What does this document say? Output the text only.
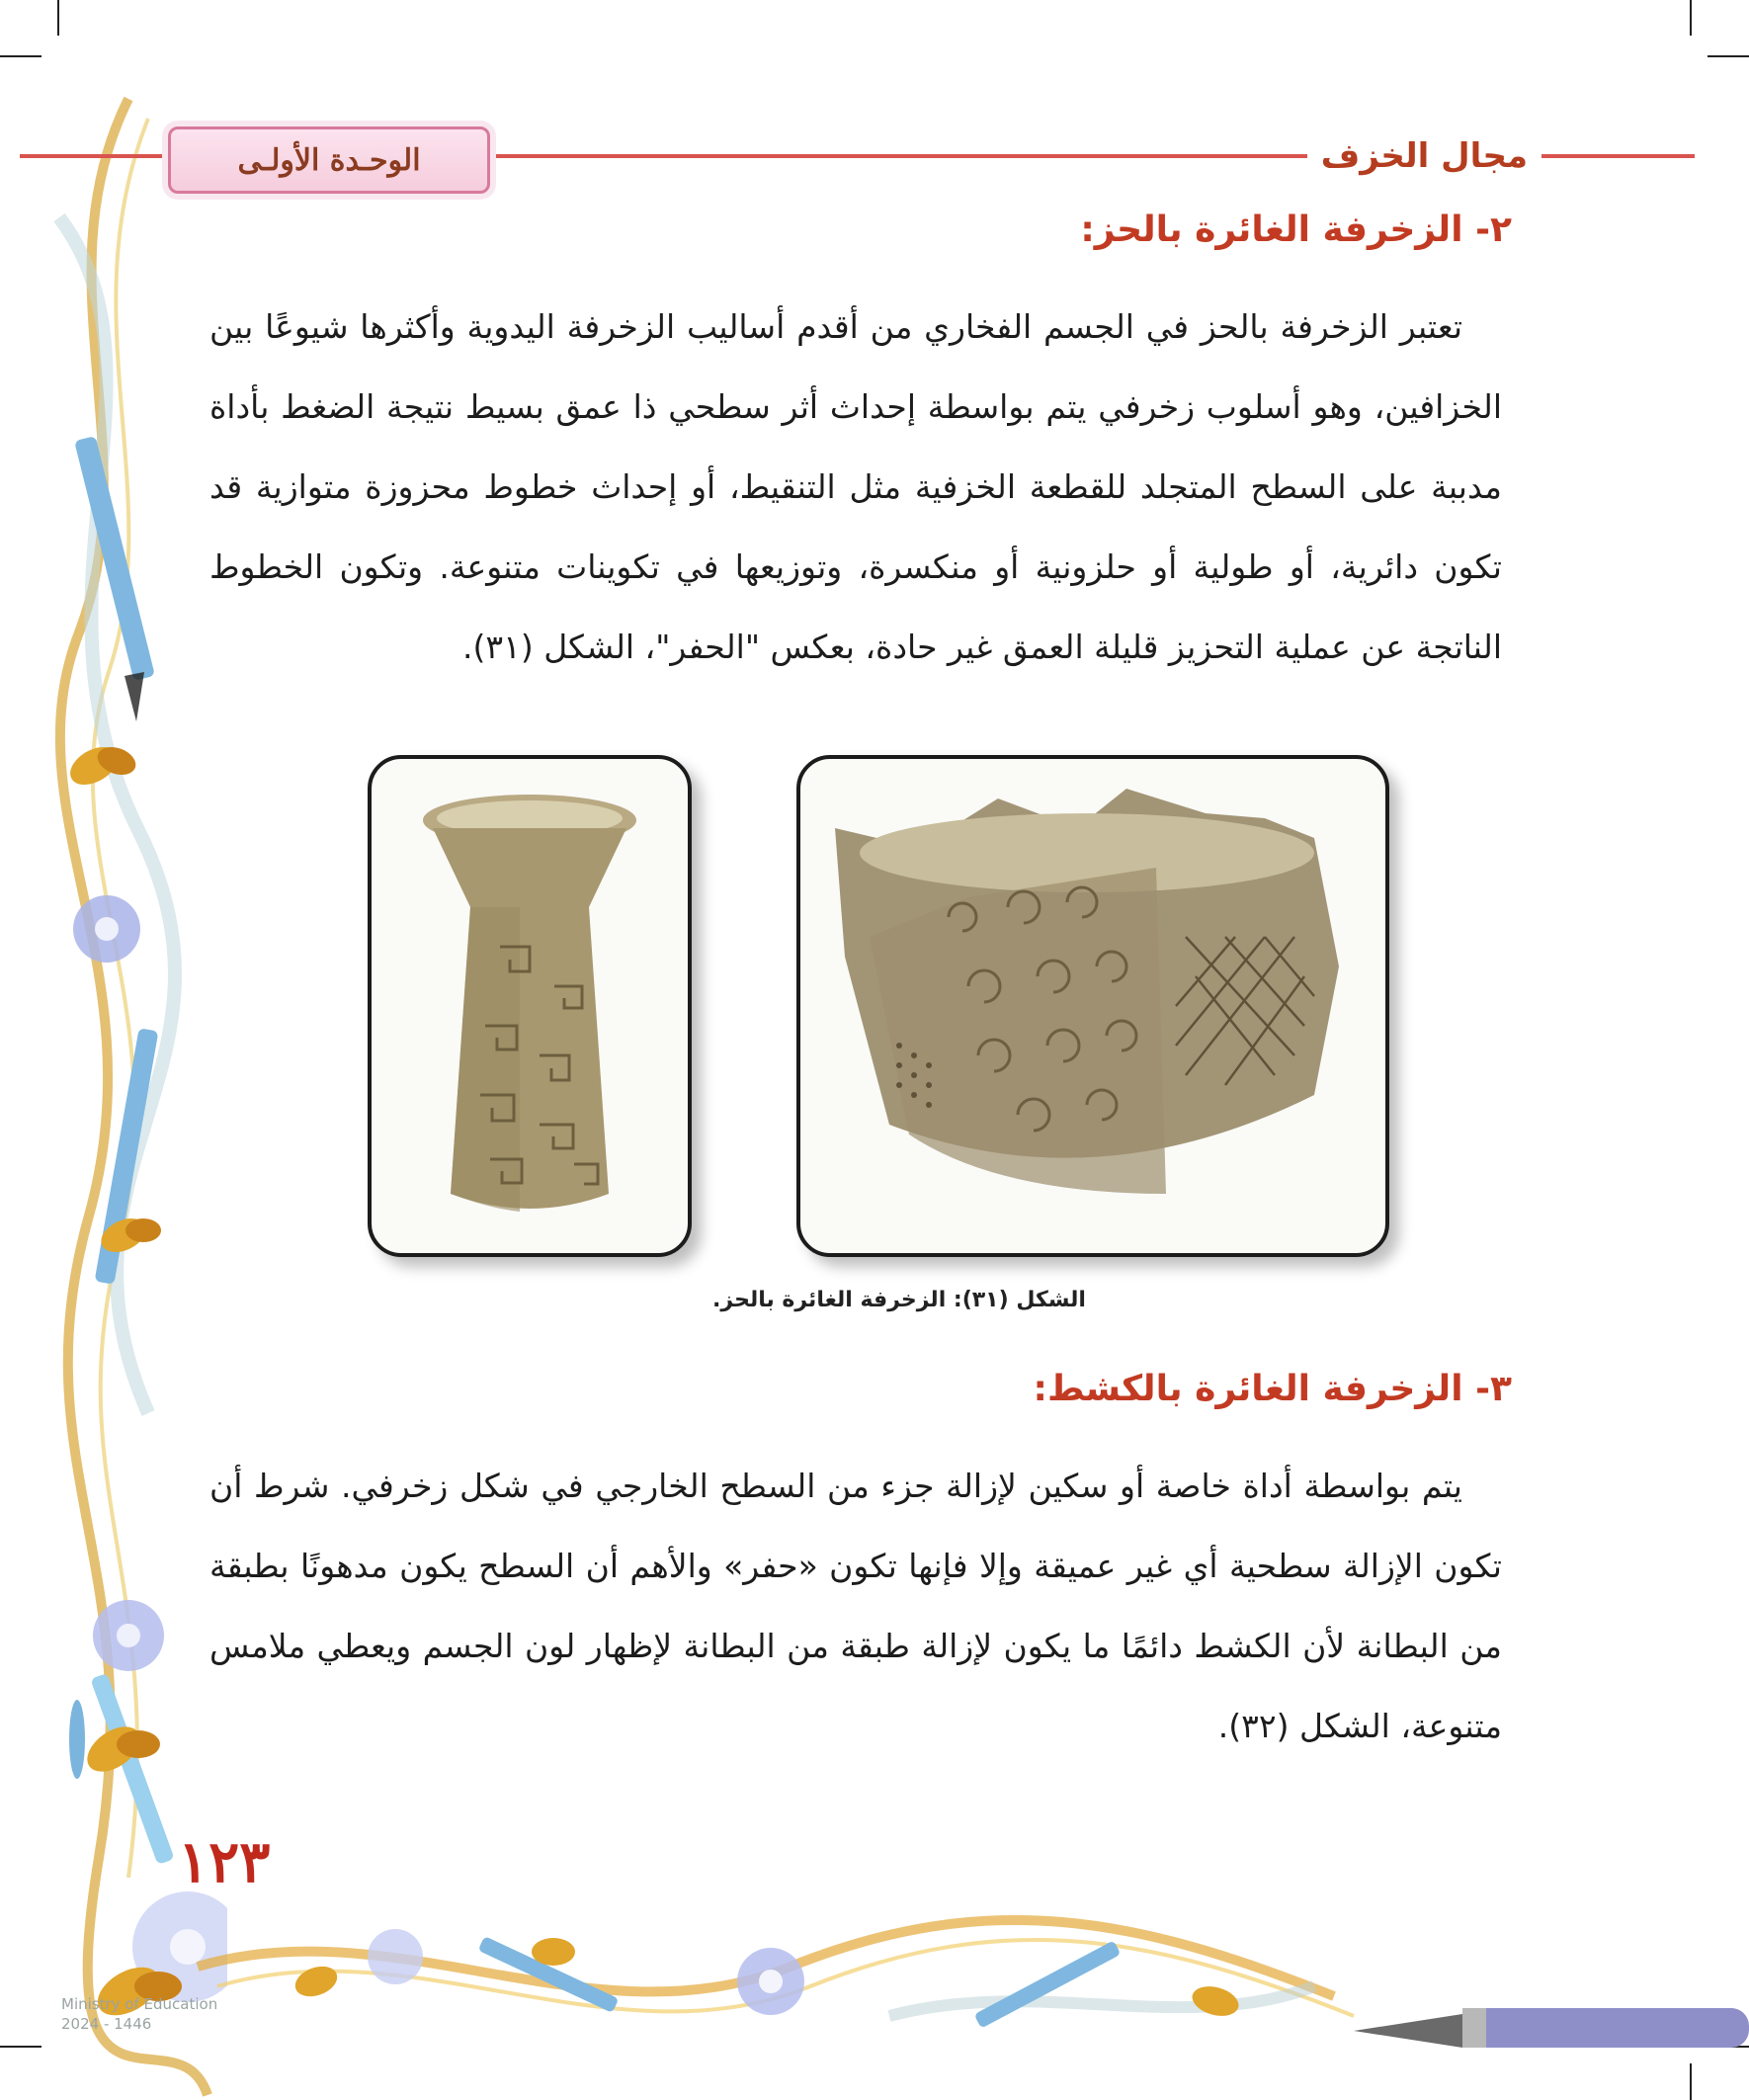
الوحـدة الأولـى	مجال الخزف
٢- الزخرفة الغائرة بالحز:

تعتبر الزخرفة بالحز في الجسم الفخاري من أقدم أساليب الزخرفة اليدوية وأكثرها شيوعًا بين الخزافين، وهو أسلوب زخرفي يتم بواسطة إحداث أثر سطحي ذا عمق بسيط نتيجة الضغط بأداة مدببة على السطح المتجلد للقطعة الخزفية مثل التنقيط، أو إحداث خطوط محزوزة متوازية قد تكون دائرية، أو طولية أو حلزونية أو منكسرة، وتوزيعها في تكوينات متنوعة. وتكون الخطوط الناتجة عن عملية التحزيز قليلة العمق غير حادة، بعكس "الحفر"، الشكل (٣١).

الشكل (٣١): الزخرفة الغائرة بالحز.
٣- الزخرفة الغائرة بالكشط:

يتم بواسطة أداة خاصة أو سكين لإزالة جزء من السطح الخارجي في شكل زخرفي. شرط أن تكون الإزالة سطحية أي غير عميقة وإلا فإنها تكون «حفر» والأهم أن السطح يكون مدهونًا بطبقة من البطانة لأن الكشط دائمًا ما يكون لإزالة طبقة من البطانة لإظهار لون الجسم ويعطي ملامس متنوعة، الشكل (٣٢).

١٢٣
Ministry of Education
2024 - 1446
